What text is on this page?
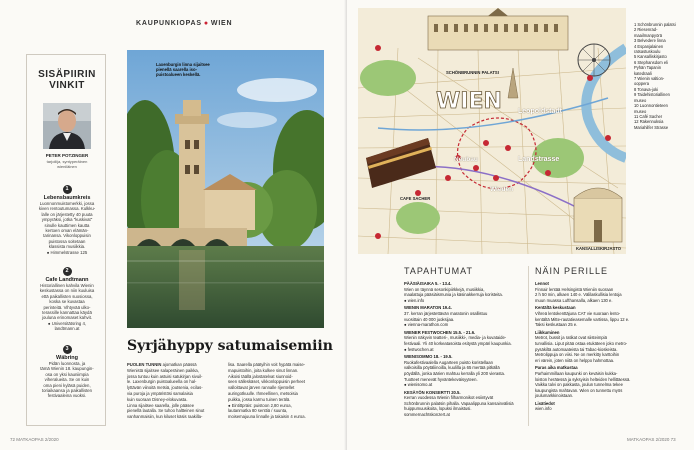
KAUPUNKIOPAS ● WIEN
SISÄPIIRIN
VINKIT
PETER POTZINGER
tarjoilija, syntyperäinen
wieniläinen
1
Lebensbaumkreis
Luonnonmuistomerkki, jossa
kiven rentoutumassa. Kulkku-
lalle on järjestetty 40 puuta
ympyräksi, jotka "kuskivat"
sinulle kauttimen kautta
kertoen oman elämän-
tarinansa. Vikonloppuisin
puistossa soitetaan
klassista musiikkia.
● Himmelstrasse 125
2
Cafe Landtmann
Historiallinen kahvila Wienin
keskustassa on niin kuuluisa
että paikallisten suosiossa,
koska se kuvastaa
perinteitä. Vihtyvää ulko-
terassille kannattaa käydä
jouluna erinomaset kahvit.
● Universitätsring 4,
landtmann.at
3
Wäbring
Pidän luonnosta, ja
tämä Wienin 18. kaupungin-
osa on yksi kauniimpia
viheralueita. Se on kuin
oma pieni kyläsä puiden,
toriaikaansa ja paikallisten
festivaaleina vuoksi.
Laxenburgin linna sijaitsee pienellä saarella iso-puistoalueen keskellä.
Syrjähyppy satumaisemiin
PUOLEN TUNNIN ajomatkan päässä
Wienistä sijaitsee salaperäinen paikka,
jossa tuntuu kuin astuisi satukirjan sivuil-
le. Laxenburgin puistoalueella on hal-
lyttävän viinoitä metsiä, joutsenia, ecilas-
via puroja ja ympäristösi samalaisia
kuin suoraan Disney-elokuvasta.
Linna sijaitsee saarella, jolle pääsee
pienellä lautalla. Se tuhoo haltteinen sinut
vanhanmaisiin, kun kiluset käsis raakilla-
lisa. Saarella päätyihin voit hypätä maise-
mapuistoihin, joita kulkee sinut linnan.
Aikoisi täällä jalostatelvat siunnoid-
seen sälleskäset, vikkonloppuisin perheet
valloittavat järven rannalle rijentellet
auringotkuulle. Ihmeellinen, metsoisia
puikka, jossa karmu tuinen terälä.
● Eintittpräis: puistoon 2,80 euroa,
lautanmatka 80 senttiä / suunta,
moisemajuuna linnalle ja takaisin 4 euroa.
72 MATKAOPAS 2/2020	MATKAOPAS 2/2020 73
WIEN
SCHÖNBRUNNIN PALATSI
Leopoldstadt
Landstrasse
Neubau
Wieden
CAFE SACHER
KANSALLISKIRJASTO
1 Schönbrunnin palatsi
2 Riesenrad-
maailmanpyörä
3 Belvedere linna
4 Espanjalainen
ratsastuskoulu
5 Kansalliskirjasto
6 Stephansdom eli
Pyhän Tapanin
katedraali
7 Wienin valtion-
ooppera
8 Tonava-joki
9 Taidehistoriallinen
museo
10 Luonnontieteen
museo
11 Café Sacher
12 Rakennuksia
Mariahilfer Strasse
TAPAHTUMAT

PÄÄSIÄISAIKA 5. - 13.4.
Wien on täynnä sesonkipiirkkejä, musiikkia,
maalattuja pääsiäismunia ja käsinakkerruja koristeita.
● wien.info

WIENIN MARATON 19.4.
37. kerran järjestettävän maratonin osallistuu
vuosittain 40 000 juoksijaa.
● vienna-marathon.com

WIENER FESTWOCHEN 15.5. - 21.6.
Wienin näkyvin teatteri-, musiikki-, media- ja kuvataide-
festivaali. Yli 40 korkeatasoista esitystä ympäri kaupunkia.
● festwochen.at

WIENISOMMO 18. - 19.5.
Ruokafestivaalella Augarteen puisto koristellaan
valkoisilla pöytäliinoilla, kuulilla ja 65 mertää pitkällä
pöydällä, jonka äärien mahtuu kerralla yli 200 vierasta.
Tuotteet menevät hyväntekeväisyyteen.
● wienisomo.at

KESÄYÖN KONSERTTI 20.5.
Kerran vuodessa Wienin filharmonikot esiintyvät
Schönbrunnin palatsin pihalla. Vapaalippuna kansainvälisiä
huippumuusikoita, lopuksi ilmaistusi.
sommernachtskonzert.at

NÄIN PERILLE

Lennot
Finnair lentää Helsingistä Wieniin suoraan
2 h 50 min, alkaen 140 e. Välilaskullisia lentoja
muun muassa Lufthansalla, alkaen 130 e.

Kentältä keskustaan
Vihreä lentokenttäjuna CAT vie suoraan lento-
kentältä Mitte-rautatieasemalle vartissa, lippu 12 e.
Taksi keskustaan 25 e.

Liikkuminen
Metrot, bussit ja ratikat ovat siisteimpiä
turvallisia. Liput pitää ostaa etukäteen joko metro-
pysäkiltä automaateista tai Tabac-kioskeista.
Metrolippuja on viisi. Ne on merkitty karttoihin
eri värein, joten niitä on helppo hahmottaa.

Paras aika matkustaa
Parhaimmillaan kaupunki on keväisin kukka-
loiston herätessä ja syksyisin helteiden hellittäessä.
Vaikka talvi on pakkasta, joulun tunnelma tekee
kaupungista mahtavan. Wien on tunnettu myös
joulumarkkinoistaan.

Lisätiedot
wien.info
